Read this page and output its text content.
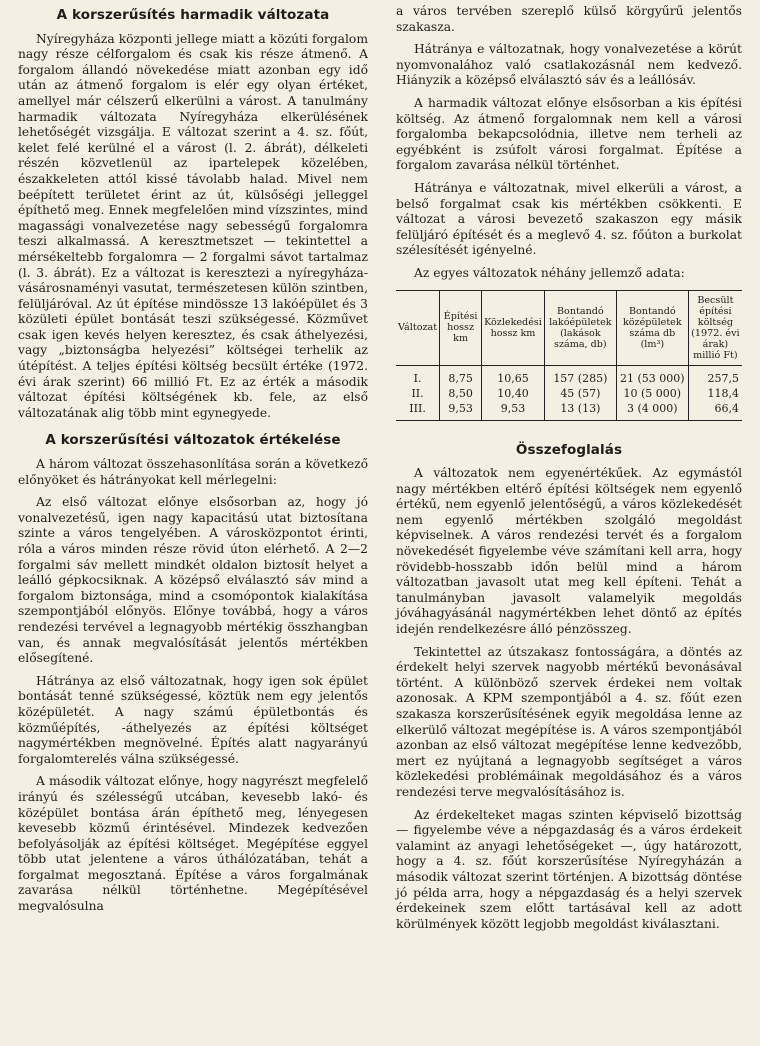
A korszerűsítés harmadik változata

Nyíregyháza központi jellege miatt a közúti forgalom nagy része célforgalom és csak kis része átmenő. A forgalom állandó növekedése miatt azonban egy idő után az átmenő forgalom is elér egy olyan értéket, amellyel már célszerű elkerülni a várost. A tanulmány harmadik változata Nyíregyháza elkerülésének lehetőségét vizsgálja. E változat szerint a 4. sz. főút, kelet felé kerülné el a várost (l. 2. ábrát), délkeleti részén közvetlenül az ipartelepek közelében, északkeleten attól kissé távolabb halad. Mivel nem beépített területet érint az út, külsőségi jelleggel építhető meg. Ennek megfelelően mind vízszintes, mind magassági vonalvezetése nagy sebességű forgalomra teszi alkalmassá. A keresztmetszet — tekintettel a mérsékeltebb forgalomra — 2 forgalmi sávot tartalmaz (l. 3. ábrát). Ez a változat is keresztezi a nyíregyháza-vásárosnaményi vasutat, természetesen külön szintben, felüljáróval. Az út építése mindössze 13 lakóépület és 3 közületi épület bontását teszi szükségessé. Közművet csak igen kevés helyen keresztez, és csak áthelyezési, vagy „biztonságba helyezési” költségei terhelik az útépítést. A teljes építési költség becsült értéke (1972. évi árak szerint) 66 millió Ft. Ez az érték a második változat építési költségének kb. fele, az első változatának alig több mint egynegyede.

A korszerűsítési változatok értékelése

A három változat összehasonlítása során a következő előnyöket és hátrányokat kell mérlegelni:

Az első változat előnye elsősorban az, hogy jó vonalvezetésű, igen nagy kapacitású utat biztosítana szinte a város tengelyében. A városközpontot érinti, róla a város minden része rövid úton elérhető. A 2—2 forgalmi sáv mellett mindkét oldalon biztosít helyet a leálló gépkocsiknak. A középső elválasztó sáv mind a forgalom biztonsága, mind a csomópontok kialakítása szempontjából előnyös. Előnye továbbá, hogy a város rendezési tervével a legnagyobb mértékig összhangban van, és annak megvalósítását jelentős mértékben elősegítené.

Hátránya az első változatnak, hogy igen sok épület bontását tenné szükségessé, köztük nem egy jelentős középületét. A nagy számú épületbontás és közműépítés, -áthelyezés az építési költséget nagymértékben megnövelné. Építés alatt nagyarányú forgalomterelés válna szükségessé.

A második változat előnye, hogy nagyrészt megfelelő irányú és szélességű utcában, kevesebb lakó- és középület bontása árán építhető meg, lényegesen kevesebb közmű érintésével. Mindezek kedvezően befolyásolják az építési költséget. Megépítése eggyel több utat jelentene a város úthálózatában, tehát a forgalmat megosztaná. Építése a város forgalmának zavarása nélkül történhetne. Megépítésével megvalósulna

a város tervében szereplő külső körgyűrű jelentős szakasza.

Hátránya e változatnak, hogy vonalvezetése a körút nyomvonalához való csatlakozásnál nem kedvező. Hiányzik a középső elválasztó sáv és a leállósáv.

A harmadik változat előnye elsősorban a kis építési költség. Az átmenő forgalomnak nem kell a városi forgalomba bekapcsolódnia, illetve nem terheli az egyébként is zsúfolt városi forgalmat. Építése a forgalom zavarása nélkül történhet.

Hátránya e változatnak, mivel elkerüli a várost, a belső forgalmat csak kis mértékben csökkenti. E változat a városi bevezető szakaszon egy másik felüljáró építését és a meglevő 4. sz. főúton a burkolat szélesítését igényelné.

Az egyes változatok néhány jellemző adata:

Változat	Építési hossz km	Közlekedési hossz km	Bontandó lakóépületek (lakások száma, db)	Bontandó középületek száma db (lm³)	Becsült építési költség (1972. évi árak) millió Ft)
I.	8,75	10,65	157 (285)	21 (53 000)	257,5
II.	8,50	10,40	45 (57)	10 (5 000)	118,4
III.	9,53	9,53	13 (13)	3 (4 000)	66,4
Összefoglalás

A változatok nem egyenértékűek. Az egymástól nagy mértékben eltérő építési költségek nem egyenlő értékű, nem egyenlő jelentőségű, a város közlekedését nem egyenlő mértékben szolgáló megoldást képviselnek. A város rendezési tervét és a forgalom növekedését figyelembe véve számítani kell arra, hogy rövidebb-hosszabb időn belül mind a három változatban javasolt utat meg kell építeni. Tehát a tanulmányban javasolt valamelyik megoldás jóváhagyásánál nagymértékben lehet döntő az építés idején rendelkezésre álló pénzösszeg.

Tekintettel az útszakasz fontosságára, a döntés az érdekelt helyi szervek nagyobb mértékű bevonásával történt. A különböző szervek érdekei nem voltak azonosak. A KPM szempontjából a 4. sz. főút ezen szakasza korszerűsítésének egyik megoldása lenne az elkerülő változat megépítése is. A város szempontjából azonban az első változat megépítése lenne kedvezőbb, mert ez nyújtaná a legnagyobb segítséget a város közlekedési problémáinak megoldásához és a város rendezési terve megvalósításához is.

Az érdekelteket magas szinten képviselő bizottság — figyelembe véve a népgazdaság és a város érdekeit valamint az anyagi lehetőségeket —, úgy határozott, hogy a 4. sz. főút korszerűsítése Nyíregyházán a második változat szerint történjen. A bizottság döntése jó példa arra, hogy a népgazdaság és a helyi szervek érdekeinek szem előtt tartásával kell az adott körülmények között legjobb megoldást kiválasztani.
